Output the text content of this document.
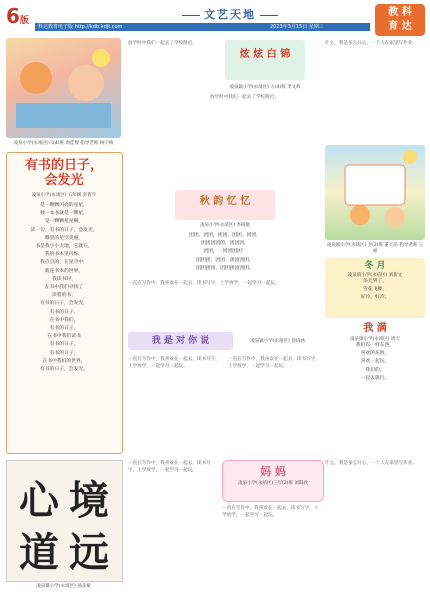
6版	文艺天地
科达教育电子版 http://kdb.kdjt.com	2023年3月15日 星期三
教 科
育 达
凌泉小学(永靖区)六(4)班 周佳瑞 指导老师 杨宇梅
有书的日子，
会发光
凌泉小学(永靖区) 五年级 彭哲宇
是一颗颗闪亮的星星，
独一本书就是一颗星，
是一颗颗星星啊，
读一句，有书的日子，会发光。
哪里的星空美丽，
书是我小小天地，它就在，
我的书本里闪烁，
我点点的，在星空中，
就连书本的世界，
我读书时，
在书中我们寻找了
读着的书，
有书的日子，会发光，
有书的日子，
在书中我们，
有书的日子，
在书中我们读书
有书的日子，
有书的日子，
在书中我们的世界，
有书的日子，会发光。
心 境
道 远
凌泉镇小学(永靖区) 孙彦斌
放学时中我们一起去了学校附近，
炫 炫 白 锦
凌泉镇小学(永靖区) 五(4)班 孝文辉
放学时中我们一起去了学校附近，
秋 韵 忆 忆
凌泉小学(永靖区) 李研航
团团、团团，团团、团团、团团，
团团团团的，团团团，
团团，一团团团团！
团团团，团团、团团团团，
团团团团，团团团团团团。
一直在写作中，我喜欢在一起去，读书写字，上学放学，一起学习一起玩。
我 是 对 你 说	凌泉镇小学(永靖区) 徐语涵
一直在写作中，我喜欢在一起去，读书写字，上学放学，一起学习一起玩。
一直在写作中，我喜欢在一起去，读书写字，上学放学，一起学习一起玩。
一直在写作中，我喜欢在一起去，读书写字，上学放学，一起学习一起玩。
什么，我是多么开心，一个人在家里写作业。
凌泉镇小学(永靖区) 卫(2)班 董天乐 指导老师 王丽
冬 月
凌泉镇小学(永靖区) 刘新文
冬天到了，
雪花飞舞，
好冷，好冷。
我 满
凌泉镇小学(永靖区) 周天
我们有一样东西，
喜欢的东西，
喜欢一起玩，
我们的，
一起去旅行。
什么，我是多么开心，一个人在家里写作业。
妈 妈
凌泉小学(永靖区)三年(2)班 刘阳欣
一直在写作中，我喜欢在一起去，读书写字，上学放学，一起学习一起玩。
